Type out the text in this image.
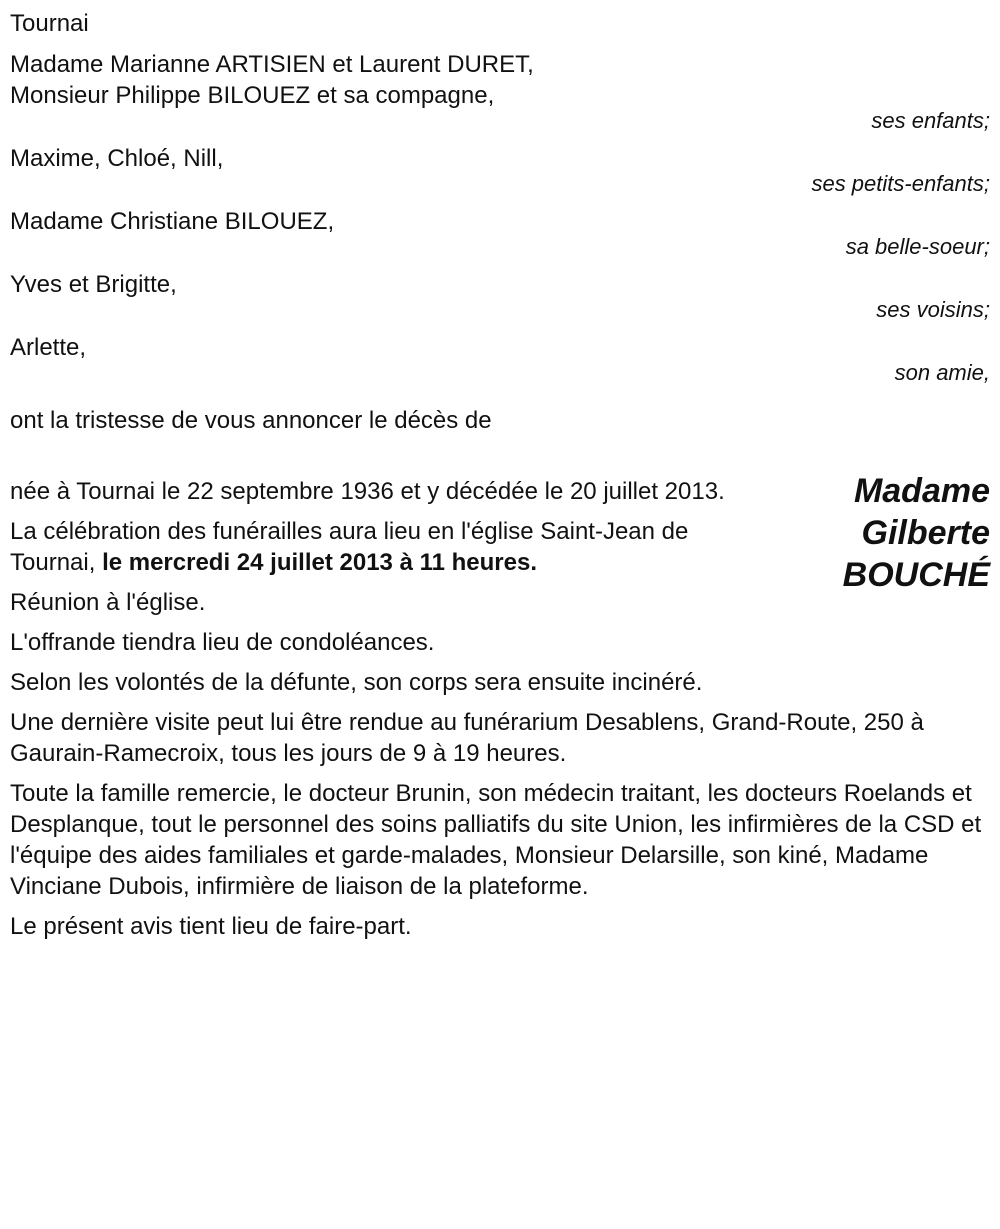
Tournai

Madame Marianne ARTISIEN et Laurent DURET,

Monsieur Philippe BILOUEZ et sa compagne,

ses enfants;

Maxime, Chloé, Nill,

ses petits-enfants;

Madame Christiane BILOUEZ,

sa belle-soeur;

Yves et Brigitte,

ses voisins;

Arlette,

son amie,

ont la tristesse de vous annoncer le décès de

Madame
Gilberte
BOUCHÉ

née à Tournai le 22 septembre 1936 et y décédée le 20 juillet 2013.

La célébration des funérailles aura lieu en l'église Saint-Jean de Tournai, le mercredi 24 juillet 2013 à 11 heures.

Réunion à l'église.

L'offrande tiendra lieu de condoléances.

Selon les volontés de la défunte, son corps sera ensuite incinéré.

Une dernière visite peut lui être rendue au funérarium Desablens, Grand-Route, 250 à Gaurain-Ramecroix, tous les jours de 9 à 19 heures.

Toute la famille remercie, le docteur Brunin, son médecin traitant, les docteurs Roelands et Desplanque, tout le personnel des soins palliatifs du site Union, les infirmières de la CSD et l'équipe des aides familiales et garde-malades, Monsieur Delarsille, son kiné, Madame Vinciane Dubois, infirmière de liaison de la plateforme.

Le présent avis tient lieu de faire-part.
